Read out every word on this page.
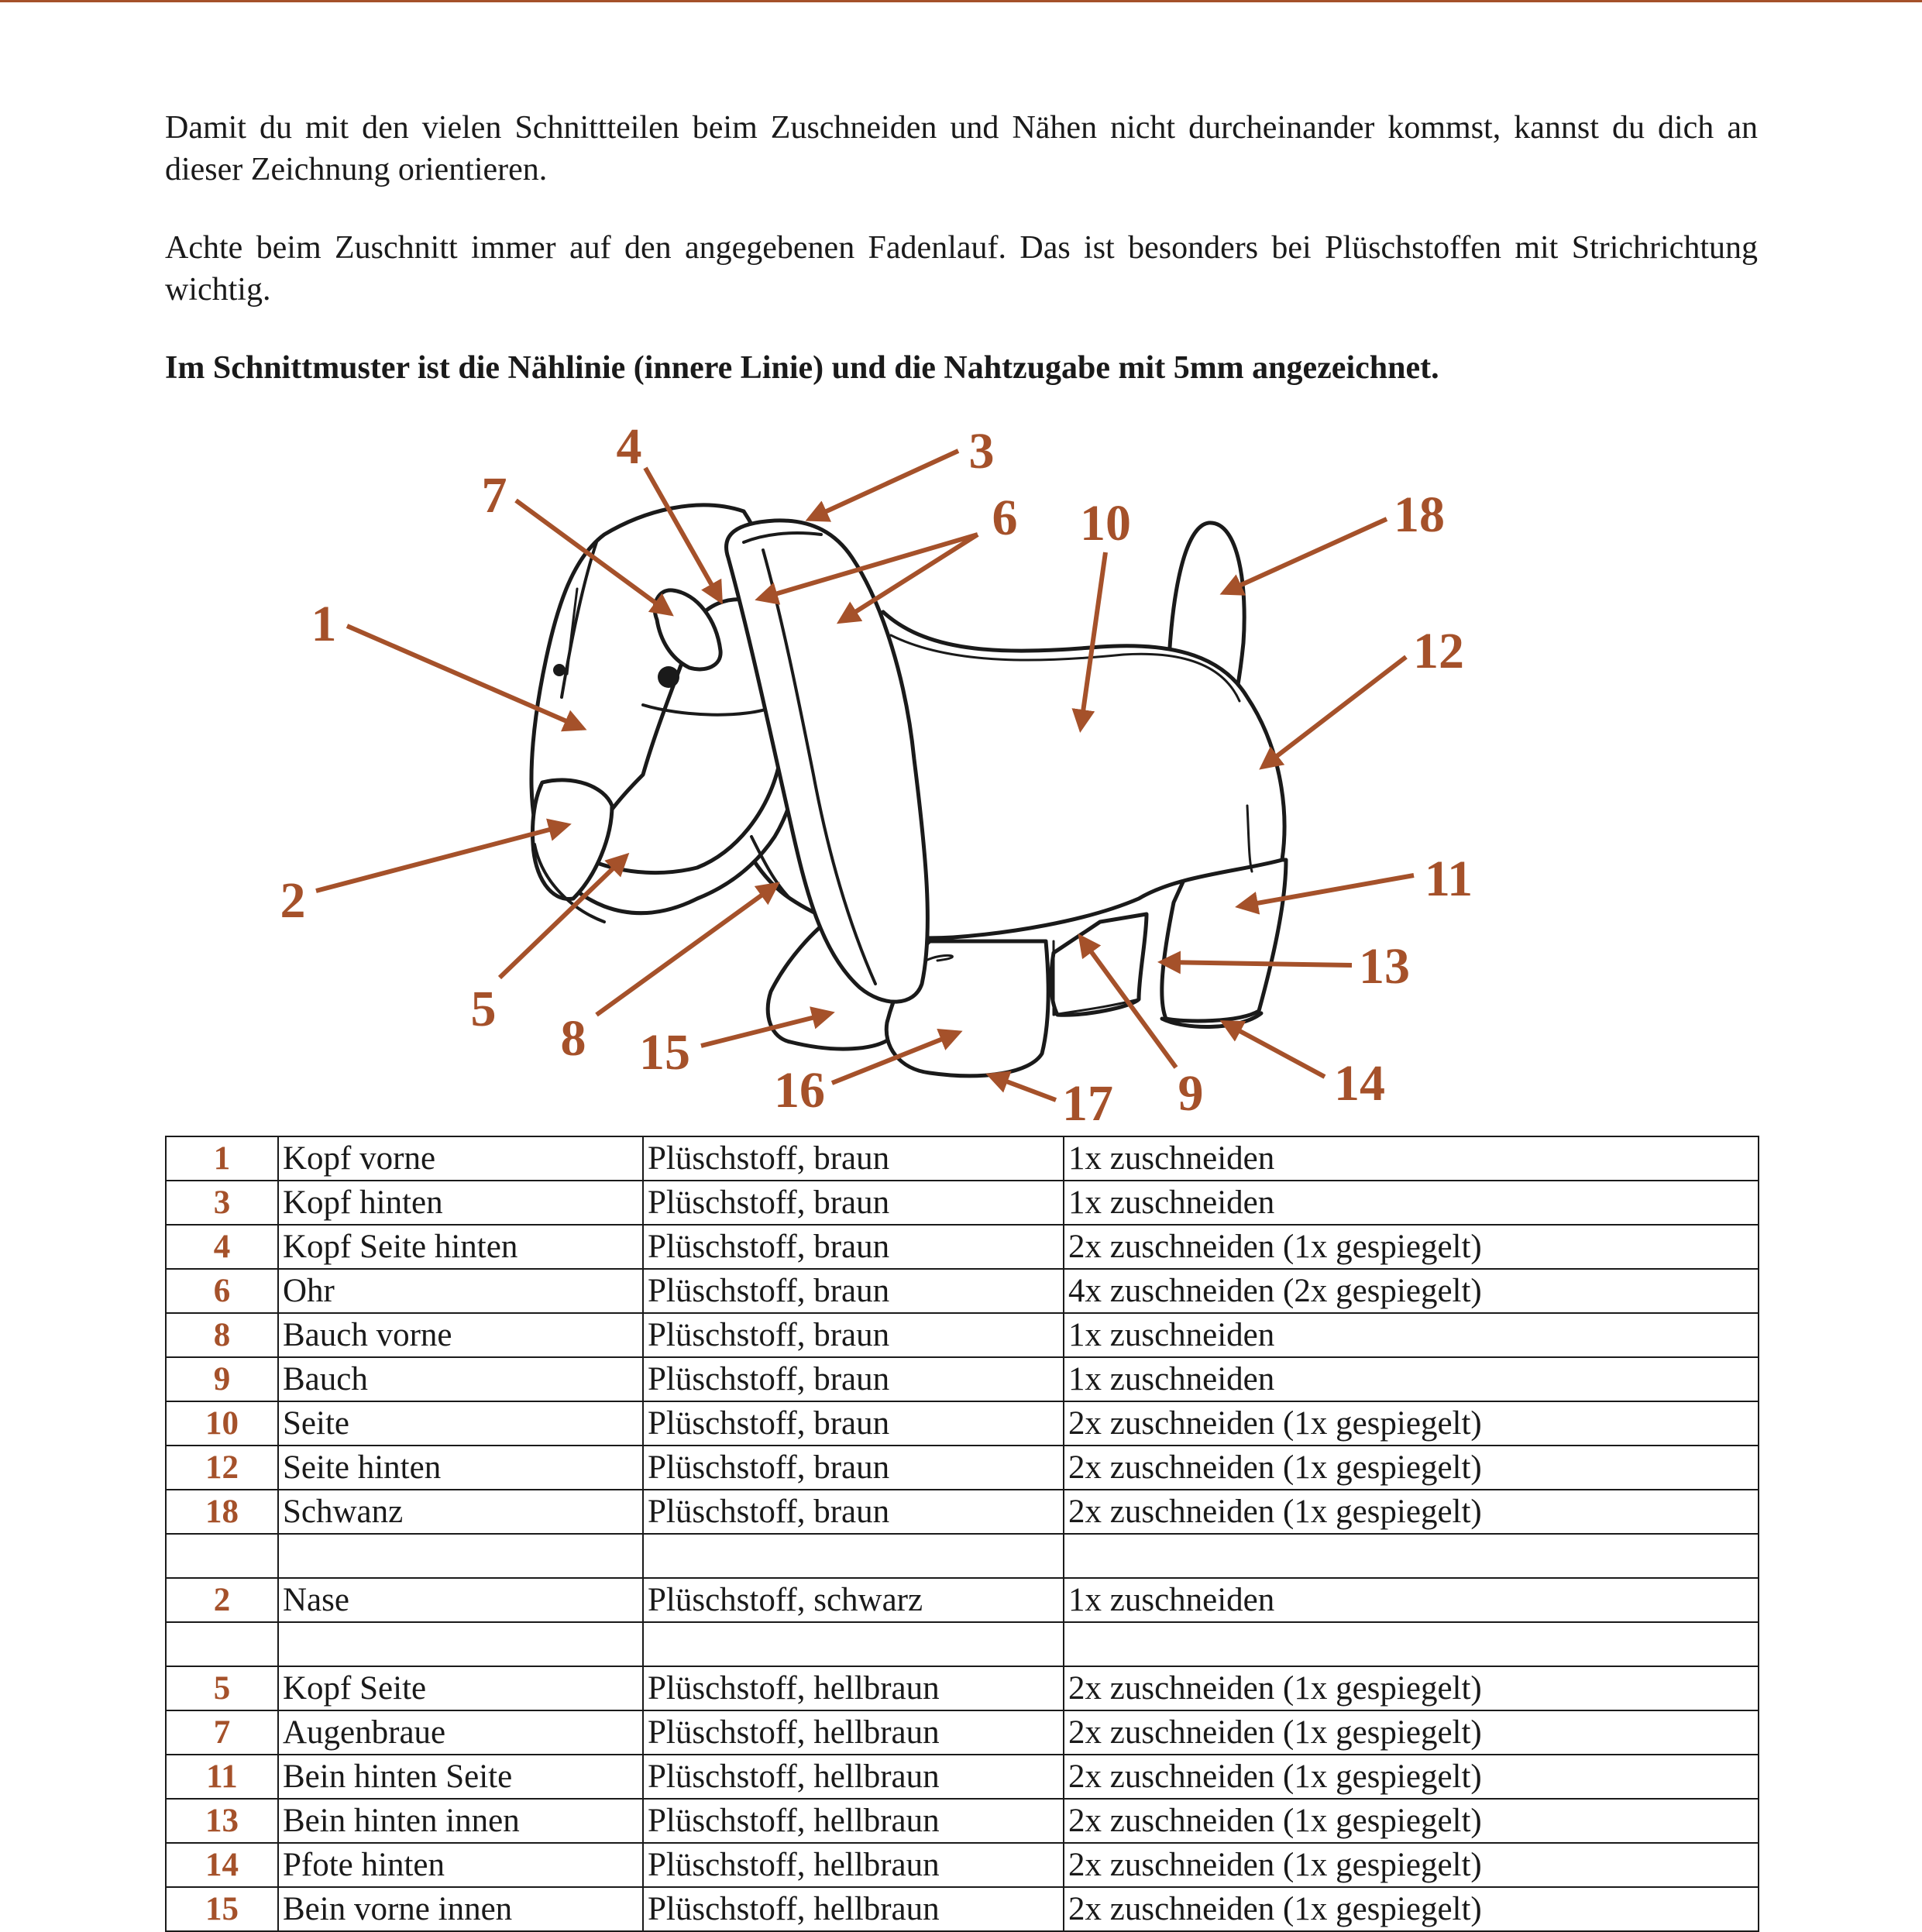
Damit du mit den vielen Schnittteilen beim Zuschneiden und Nähen nicht durcheinander kommst, kannst du dich an dieser Zeichnung orientieren.

Achte beim Zuschnitt immer auf den angegebenen Fadenlauf. Das ist besonders bei Plüschstoffen mit Strichrichtung wichtig.

Im Schnittmuster ist die Nählinie (innere Linie) und die Nahtzugabe mit 5mm angezeichnet.

1
2
3
4
5
6
7
8
9
10
11
12
13
14
15
16	17
18
1	Kopf vorne	Plüschstoff, braun	1x zuschneiden
3	Kopf hinten	Plüschstoff, braun	1x zuschneiden
4	Kopf Seite hinten	Plüschstoff, braun	2x zuschneiden (1x gespiegelt)
6	Ohr	Plüschstoff, braun	4x zuschneiden (2x gespiegelt)
8	Bauch vorne	Plüschstoff, braun	1x zuschneiden
9	Bauch	Plüschstoff, braun	1x zuschneiden
10	Seite	Plüschstoff, braun	2x zuschneiden (1x gespiegelt)
12	Seite hinten	Plüschstoff, braun	2x zuschneiden (1x gespiegelt)
18	Schwanz	Plüschstoff, braun	2x zuschneiden (1x gespiegelt)

2	Nase	Plüschstoff, schwarz	1x zuschneiden

5	Kopf Seite	Plüschstoff, hellbraun	2x zuschneiden (1x gespiegelt)
7	Augenbraue	Plüschstoff, hellbraun	2x zuschneiden (1x gespiegelt)
11	Bein hinten Seite	Plüschstoff, hellbraun	2x zuschneiden (1x gespiegelt)
13	Bein hinten innen	Plüschstoff, hellbraun	2x zuschneiden (1x gespiegelt)
14	Pfote hinten	Plüschstoff, hellbraun	2x zuschneiden (1x gespiegelt)
15	Bein vorne innen	Plüschstoff, hellbraun	2x zuschneiden (1x gespiegelt)
